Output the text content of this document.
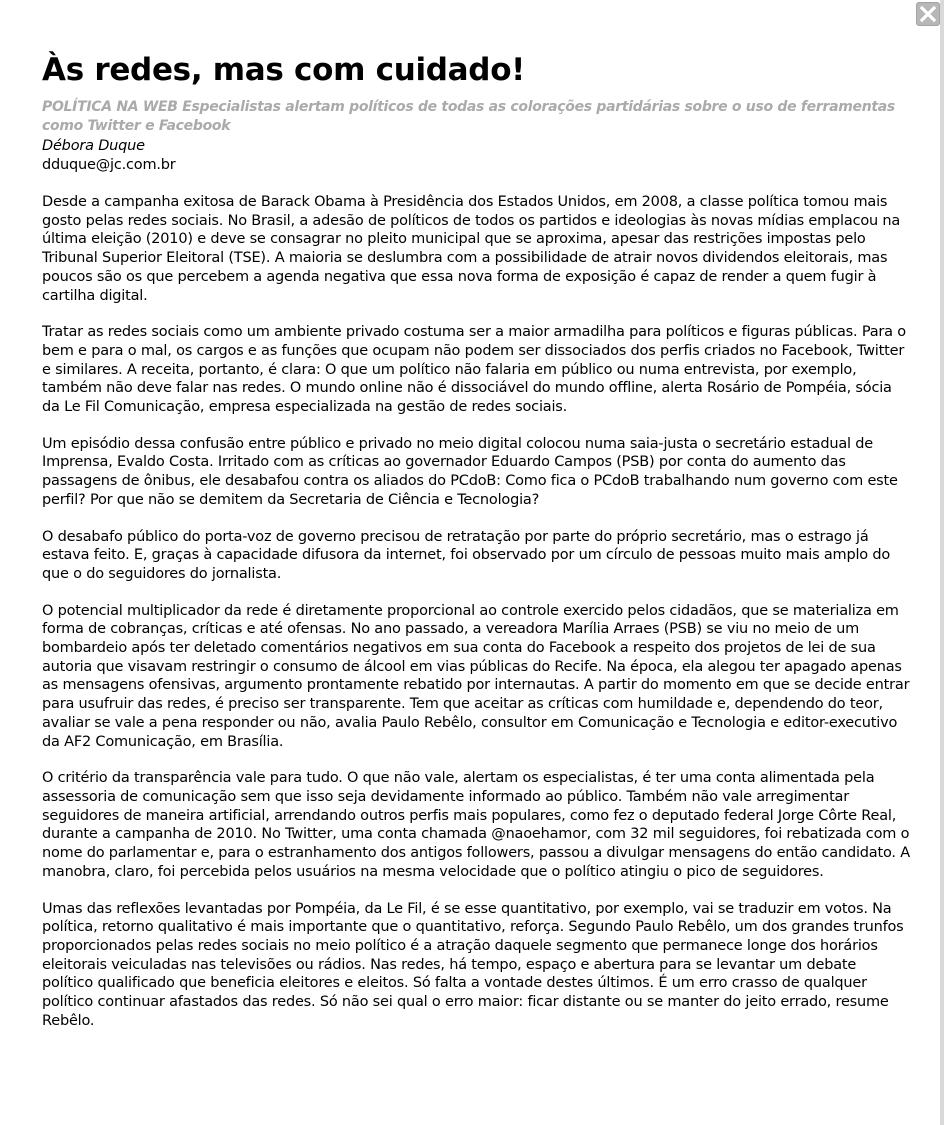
Às redes, mas com cuidado!
POLÍTICA NA WEB Especialistas alertam políticos de todas as colorações partidárias sobre o uso de ferramentas como Twitter e Facebook
Débora Duque
dduque@jc.com.br

Desde a campanha exitosa de Barack Obama à Presidência dos Estados Unidos, em 2008, a classe política tomou mais gosto pelas redes sociais. No Brasil, a adesão de políticos de todos os partidos e ideologias às novas mídias emplacou na última eleição (2010) e deve se consagrar no pleito municipal que se aproxima, apesar das restrições impostas pelo Tribunal Superior Eleitoral (TSE). A maioria se deslumbra com a possibilidade de atrair novos dividendos eleitorais, mas poucos são os que percebem a agenda negativa que essa nova forma de exposição é capaz de render a quem fugir à cartilha digital.

Tratar as redes sociais como um ambiente privado costuma ser a maior armadilha para políticos e figuras públicas. Para o bem e para o mal, os cargos e as funções que ocupam não podem ser dissociados dos perfis criados no Facebook, Twitter e similares. A receita, portanto, é clara: O que um político não falaria em público ou numa entrevista, por exemplo, também não deve falar nas redes. O mundo online não é dissociável do mundo offline, alerta Rosário de Pompéia, sócia da Le Fil Comunicação, empresa especializada na gestão de redes sociais.

Um episódio dessa confusão entre público e privado no meio digital colocou numa saia-justa o secretário estadual de Imprensa, Evaldo Costa. Irritado com as críticas ao governador Eduardo Campos (PSB) por conta do aumento das passagens de ônibus, ele desabafou contra os aliados do PCdoB: Como fica o PCdoB trabalhando num governo com este perfil? Por que não se demitem da Secretaria de Ciência e Tecnologia?

O desabafo público do porta-voz de governo precisou de retratação por parte do próprio secretário, mas o estrago já estava feito. E, graças à capacidade difusora da internet, foi observado por um círculo de pessoas muito mais amplo do que o do seguidores do jornalista.

O potencial multiplicador da rede é diretamente proporcional ao controle exercido pelos cidadãos, que se materializa em forma de cobranças, críticas e até ofensas. No ano passado, a vereadora Marília Arraes (PSB) se viu no meio de um bombardeio após ter deletado comentários negativos em sua conta do Facebook a respeito dos projetos de lei de sua autoria que visavam restringir o consumo de álcool em vias públicas do Recife. Na época, ela alegou ter apagado apenas as mensagens ofensivas, argumento prontamente rebatido por internautas. A partir do momento em que se decide entrar para usufruir das redes, é preciso ser transparente. Tem que aceitar as críticas com humildade e, dependendo do teor, avaliar se vale a pena responder ou não, avalia Paulo Rebêlo, consultor em Comunicação e Tecnologia e editor-executivo da AF2 Comunicação, em Brasília.

O critério da transparência vale para tudo. O que não vale, alertam os especialistas, é ter uma conta alimentada pela assessoria de comunicação sem que isso seja devidamente informado ao público. Também não vale arregimentar seguidores de maneira artificial, arrendando outros perfis mais populares, como fez o deputado federal Jorge Côrte Real, durante a campanha de 2010. No Twitter, uma conta chamada @naoehamor, com 32 mil seguidores, foi rebatizada com o nome do parlamentar e, para o estranhamento dos antigos followers, passou a divulgar mensagens do então candidato. A manobra, claro, foi percebida pelos usuários na mesma velocidade que o político atingiu o pico de seguidores.

Umas das reflexões levantadas por Pompéia, da Le Fil, é se esse quantitativo, por exemplo, vai se traduzir em votos. Na política, retorno qualitativo é mais importante que o quantitativo, reforça. Segundo Paulo Rebêlo, um dos grandes trunfos proporcionados pelas redes sociais no meio político é a atração daquele segmento que permanece longe dos horários eleitorais veiculadas nas televisões ou rádios. Nas redes, há tempo, espaço e abertura para se levantar um debate político qualificado que beneficia eleitores e eleitos. Só falta a vontade destes últimos. É um erro crasso de qualquer político continuar afastados das redes. Só não sei qual o erro maior: ficar distante ou se manter do jeito errado, resume Rebêlo.
